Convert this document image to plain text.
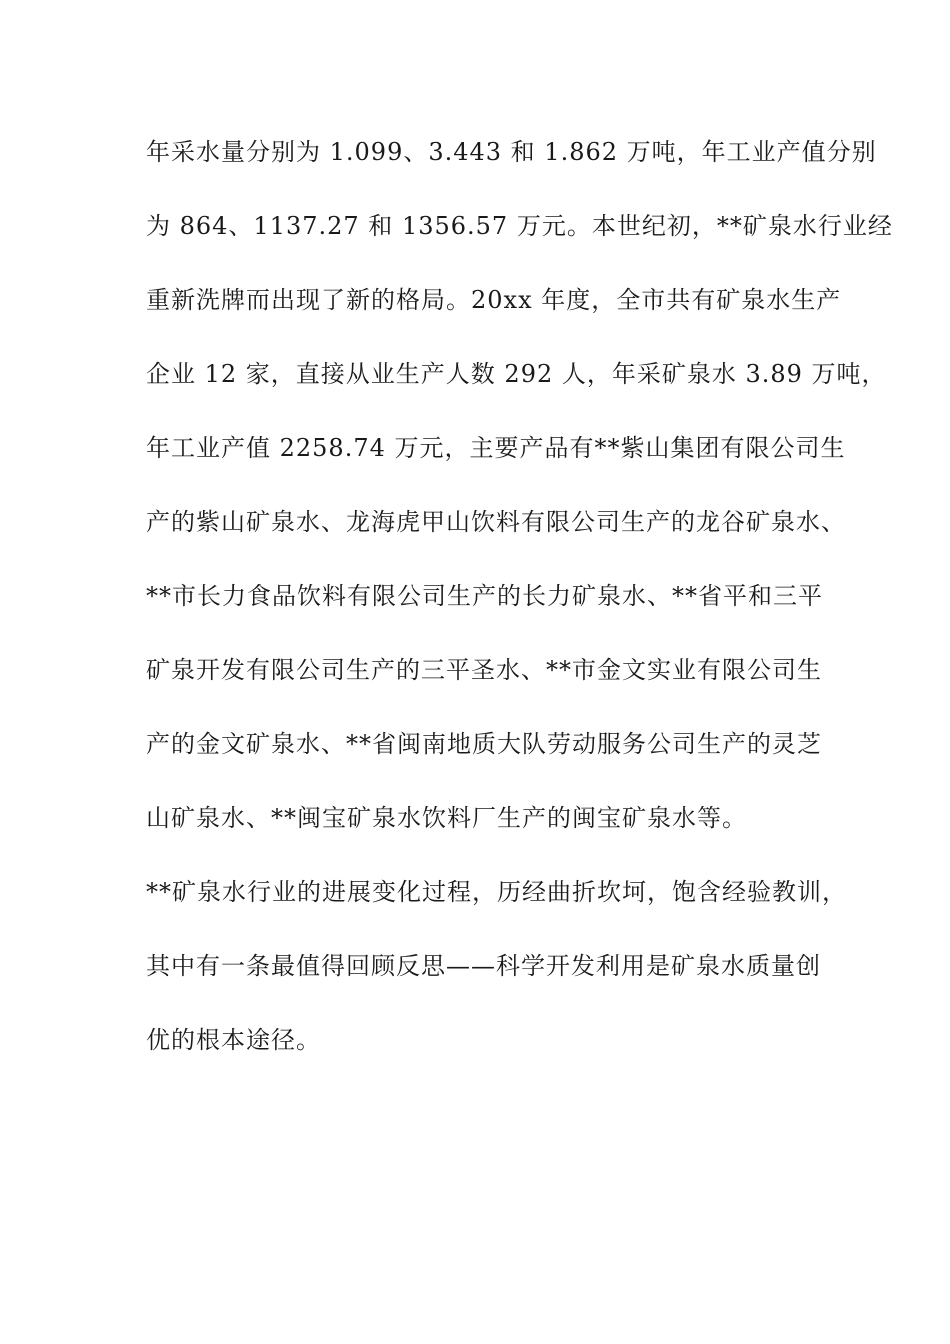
年采水量分别为 1.099、3.443 和 1.862 万吨，年工业产值分别
为 864、1137.27 和 1356.57 万元。本世纪初，**矿泉水行业经
重新洗牌而出现了新的格局。20xx 年度，全市共有矿泉水生产
企业 12 家，直接从业生产人数 292 人，年采矿泉水 3.89 万吨，
年工业产值 2258.74 万元，主要产品有**紫山集团有限公司生
产的紫山矿泉水、龙海虎甲山饮料有限公司生产的龙谷矿泉水、
**市长力食品饮料有限公司生产的长力矿泉水、**省平和三平
矿泉开发有限公司生产的三平圣水、**市金文实业有限公司生
产的金文矿泉水、**省闽南地质大队劳动服务公司生产的灵芝
山矿泉水、**闽宝矿泉水饮料厂生产的闽宝矿泉水等。
**矿泉水行业的进展变化过程，历经曲折坎坷，饱含经验教训，
其中有一条最值得回顾反思——科学开发利用是矿泉水质量创
优的根本途径。
